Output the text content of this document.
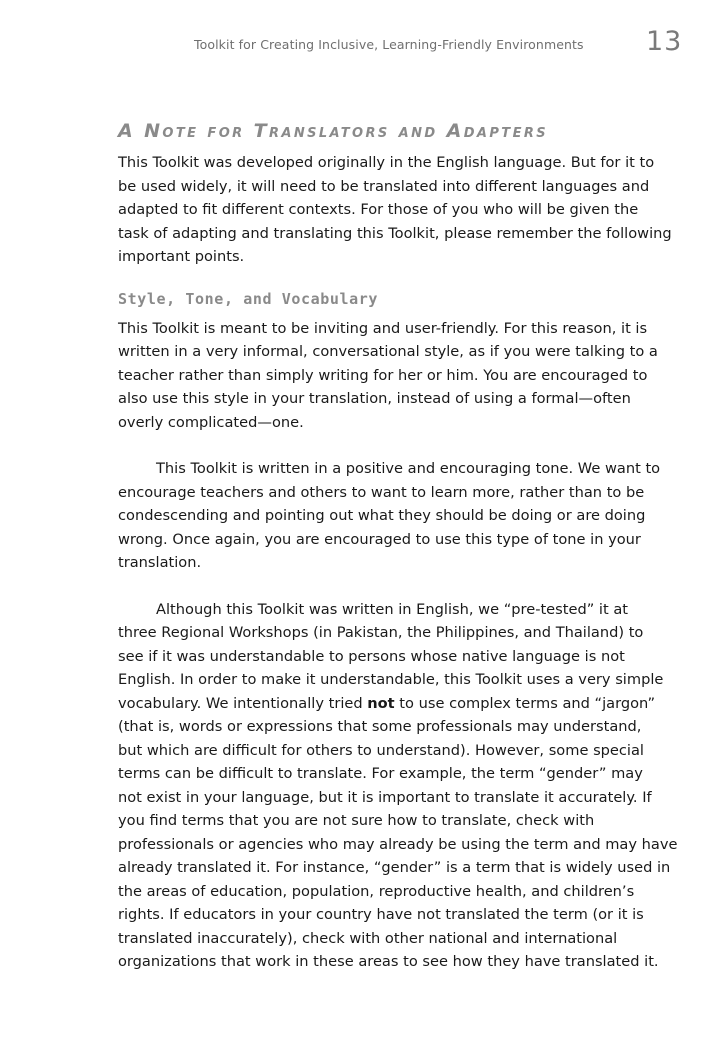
Toolkit for Creating Inclusive, Learning-Friendly Environments 13
A Note for Translators and Adapters

This Toolkit was developed originally in the English language. But for it to
be used widely, it will need to be translated into different languages and
adapted to fit different contexts. For those of you who will be given the
task of adapting and translating this Toolkit, please remember the following
important points.

Style, Tone, and Vocabulary

This Toolkit is meant to be inviting and user-friendly. For this reason, it is
written in a very informal, conversational style, as if you were talking to a
teacher rather than simply writing for her or him. You are encouraged to
also use this style in your translation, instead of using a formal—often
overly complicated—one.

This Toolkit is written in a positive and encouraging tone. We want to
encourage teachers and others to want to learn more, rather than to be
condescending and pointing out what they should be doing or are doing
wrong. Once again, you are encouraged to use this type of tone in your
translation.

Although this Toolkit was written in English, we “pre-tested” it at
three Regional Workshops (in Pakistan, the Philippines, and Thailand) to
see if it was understandable to persons whose native language is not
English. In order to make it understandable, this Toolkit uses a very simple
vocabulary. We intentionally tried not to use complex terms and “jargon”
(that is, words or expressions that some professionals may understand,
but which are difficult for others to understand). However, some special
terms can be difficult to translate. For example, the term “gender” may
not exist in your language, but it is important to translate it accurately. If
you find terms that you are not sure how to translate, check with
professionals or agencies who may already be using the term and may have
already translated it. For instance, “gender” is a term that is widely used in
the areas of education, population, reproductive health, and children’s
rights. If educators in your country have not translated the term (or it is
translated inaccurately), check with other national and international
organizations that work in these areas to see how they have translated it.
